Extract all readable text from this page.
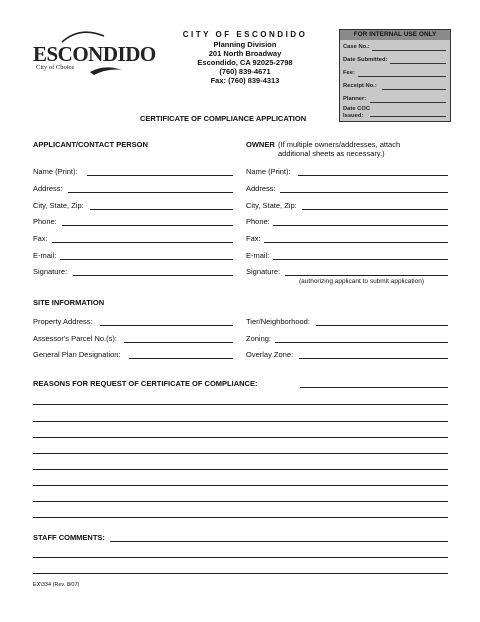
ESCONDIDO
City of Choice
CITY OF ESCONDIDO
Planning Division
201 North Broadway
Escondido, CA 92025-2798
(760) 839-4671
Fax: (760) 839-4313
FOR INTERNAL USE ONLY
Case No.:
Date Submitted:
Fee:
Receipt No.:
Planner:
Date COC Issued:
CERTIFICATE OF COMPLIANCE APPLICATION
APPLICANT/CONTACT PERSON
Name (Print):
Address:
City, State, Zip:
Phone:
Fax:
E-mail:
Signature:
OWNER (If multiple owners/addresses, attach
additional sheets as necessary.)
Name (Print):
Address:
City, State, Zip:
Phone:
Fax:
E-mail:
Signature:
(authorizing applicant to submit application)
SITE INFORMATION
Property Address:
Assessor's Parcel No.(s):
General Plan Designation:
Tier/Neighborhood:
Zoning:
Overlay Zone:
REASONS FOR REQUEST OF CERTIFICATE OF COMPLIANCE:
STAFF COMMENTS:
EX\334 (Rev. 8/07)
